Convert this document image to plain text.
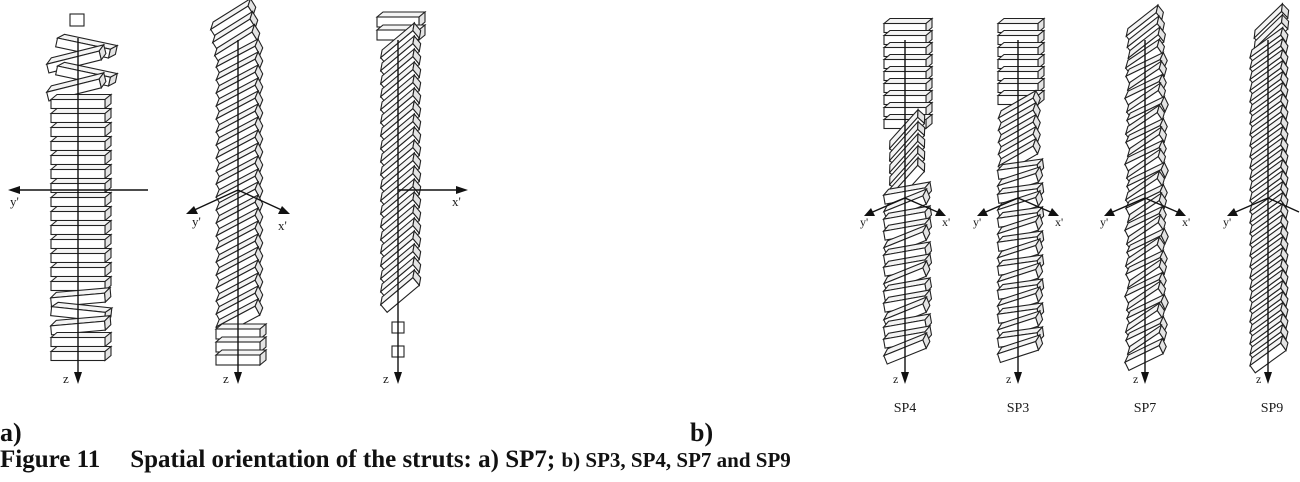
y'
z
y'	x'
z
x'
z
y'	x'
z
SP4
y'	x'
z
SP3
y'	x'
z
SP7
y'
z
SP9
a)	b)

Figure 11 Spatial orientation of the struts: a) SP7; b) SP3, SP4, SP7 and SP9
